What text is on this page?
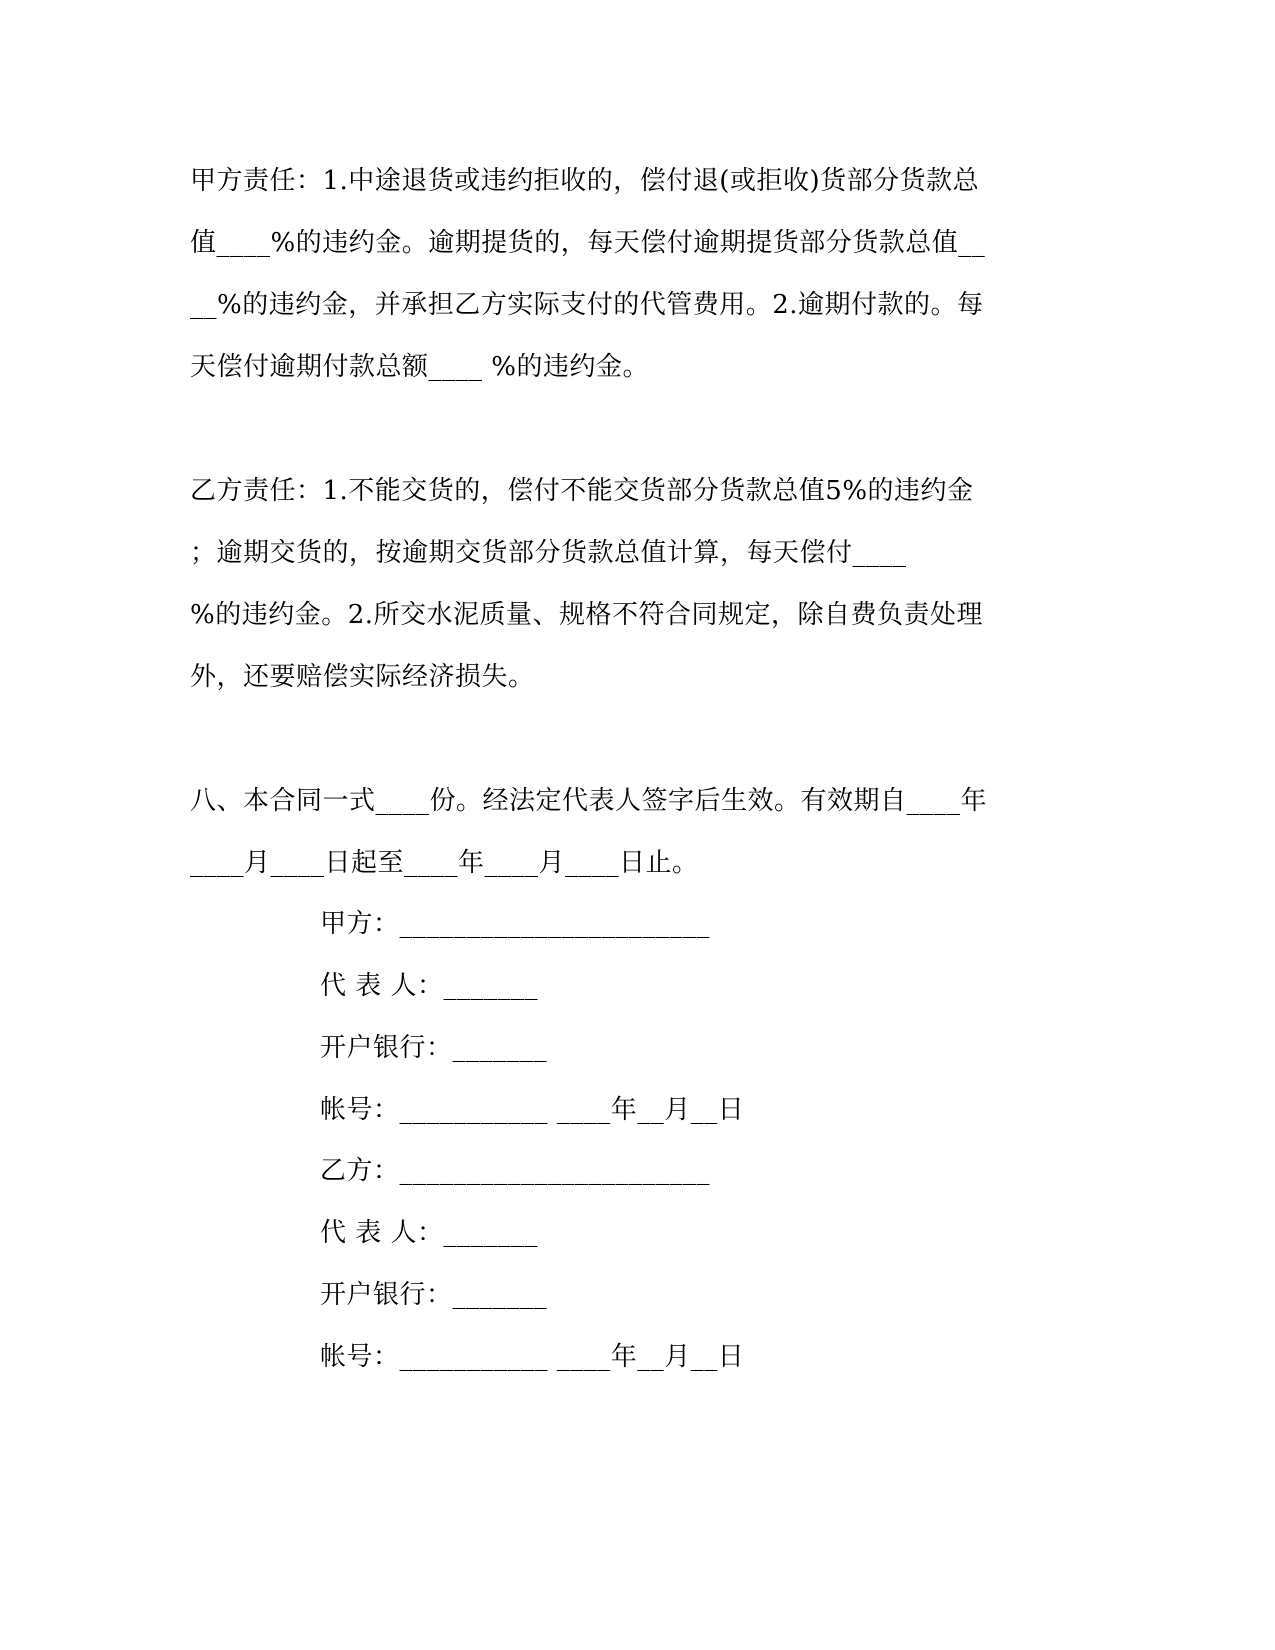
甲方责任：1.中途退货或违约拒收的，偿付退(或拒收)货部分货款总
值____%的违约金。逾期提货的，每天偿付逾期提货部分货款总值__
__%的违约金，并承担乙方实际支付的代管费用。2.逾期付款的。每
天偿付逾期付款总额____ %的违约金。
乙方责任：1.不能交货的，偿付不能交货部分货款总值5%的违约金
；逾期交货的，按逾期交货部分货款总值计算，每天偿付____
%的违约金。2.所交水泥质量、规格不符合同规定，除自费负责处理
外，还要赔偿实际经济损失。
八、本合同一式____份。经法定代表人签字后生效。有效期自____年
____月____日起至____年____月____日止。
甲方：_______________________
代 表 人：_______
开户银行：_______
帐号：___________ ____年__月__日
乙方：_______________________
代 表 人：_______
开户银行：_______
帐号：___________ ____年__月__日
